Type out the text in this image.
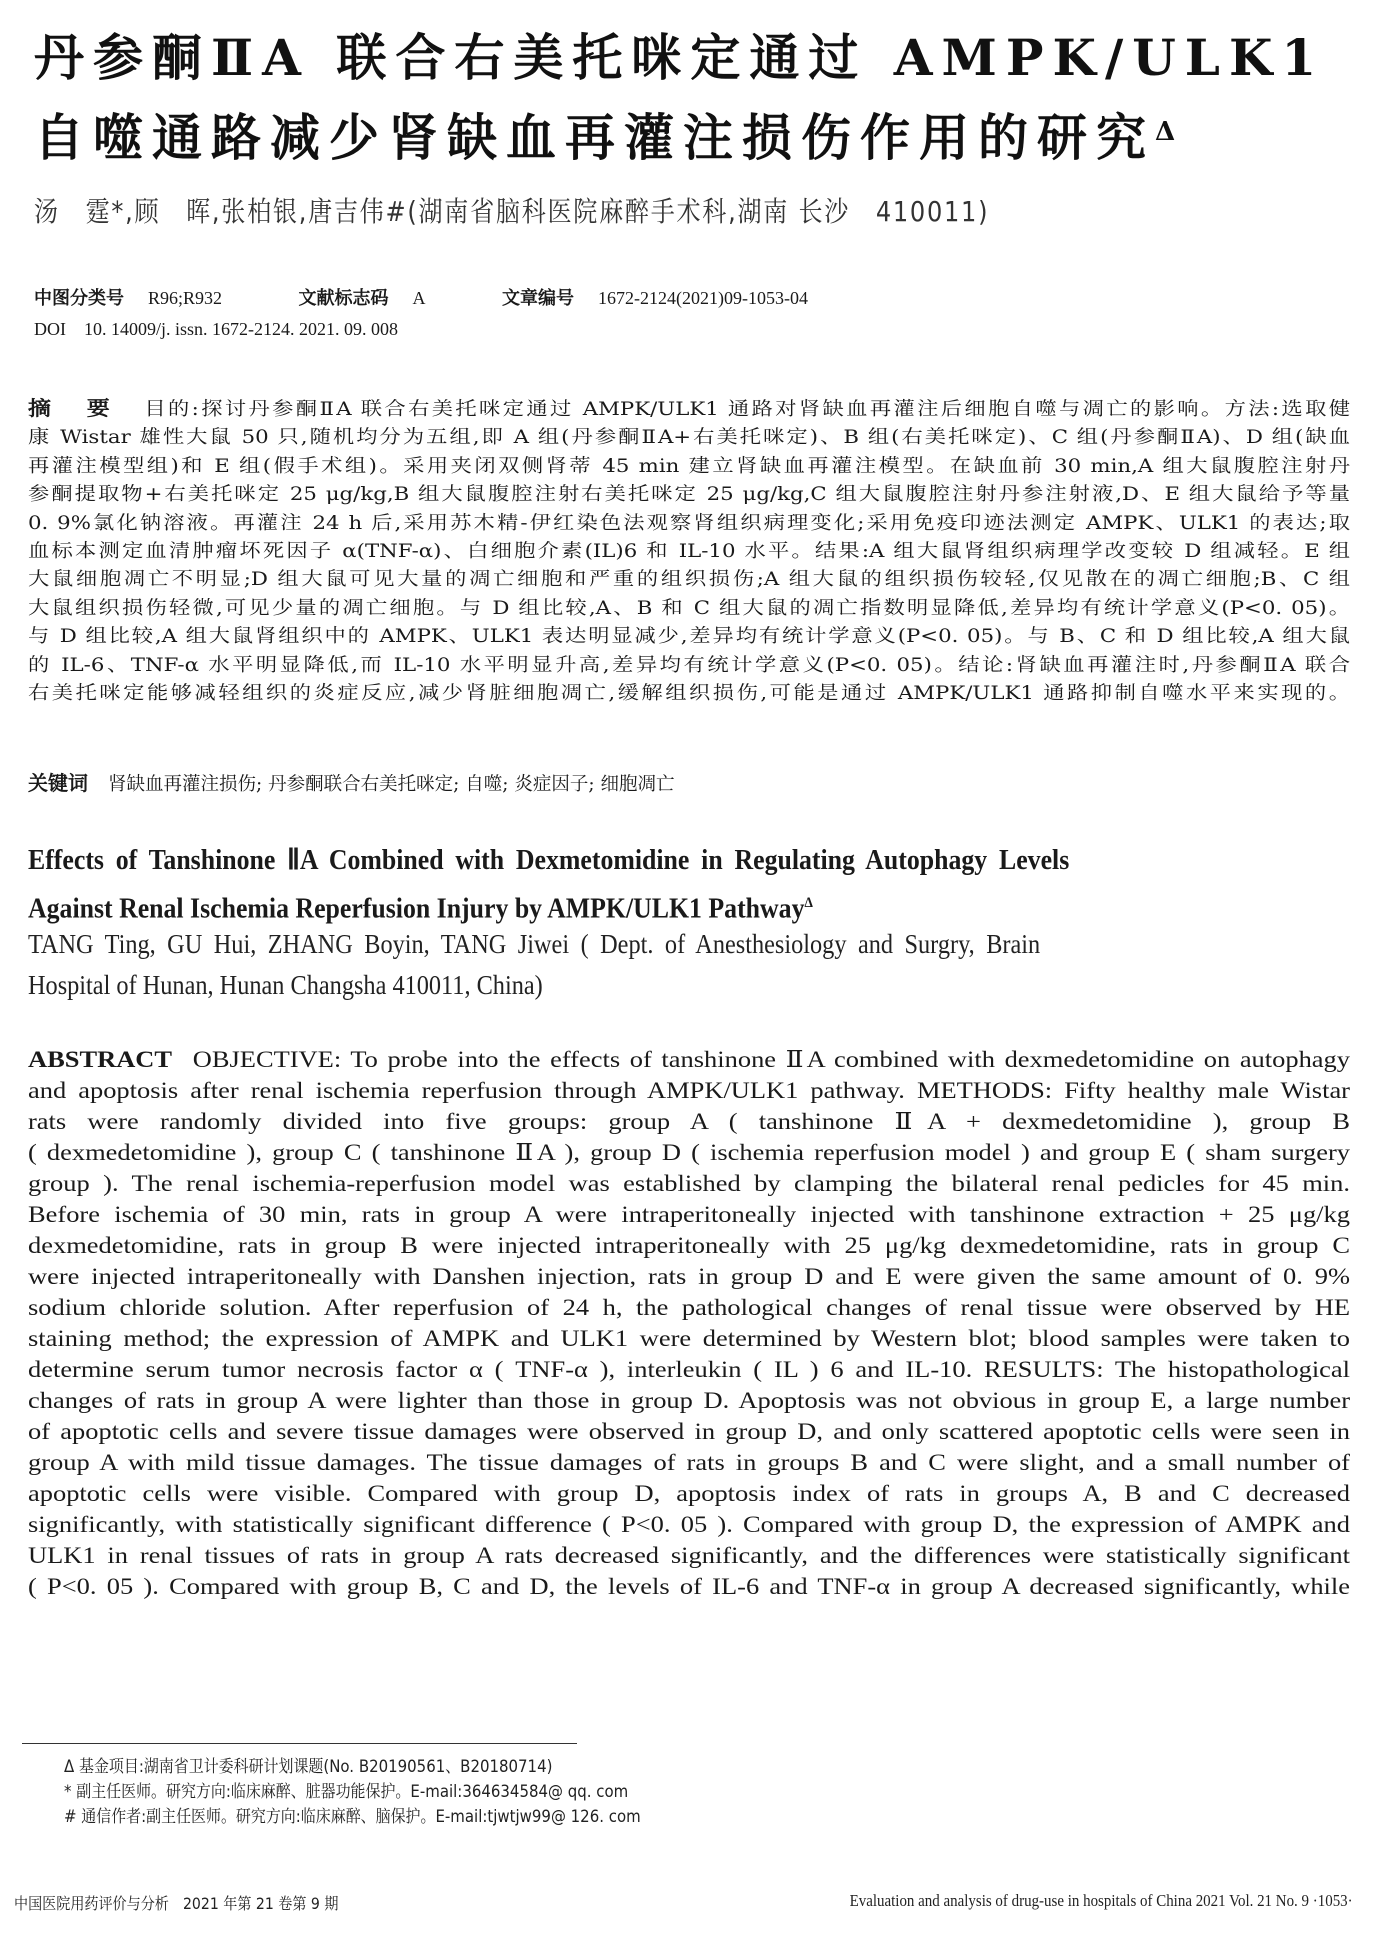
丹参酮ⅡA 联合右美托咪定通过 AMPK/ULK1
自噬通路减少肾缺血再灌注损伤作用的研究$^\Delta$
汤　霆*,顾　晖,张柏银,唐吉伟#(湖南省脑科医院麻醉手术科,湖南 长沙　410011)
中图分类号 R96;R932	文献标志码 A	文章编号 1672-2124(2021)09-1053-04
DOI 10. 14009/j. issn. 1672-2124. 2021. 09. 008
摘 要 目的:探讨丹参酮ⅡA 联合右美托咪定通过 AMPK/ULK1 通路对肾缺血再灌注后细胞自噬与凋亡的影响。方法:选取健
康 Wistar 雄性大鼠 50 只,随机均分为五组,即 A 组(丹参酮ⅡA+右美托咪定)、B 组(右美托咪定)、C 组(丹参酮ⅡA)、D 组(缺血
再灌注模型组)和 E 组(假手术组)。采用夹闭双侧肾蒂 45 min 建立肾缺血再灌注模型。在缺血前 30 min,A 组大鼠腹腔注射丹
参酮提取物+右美托咪定 25 μg/kg,B 组大鼠腹腔注射右美托咪定 25 μg/kg,C 组大鼠腹腔注射丹参注射液,D、E 组大鼠给予等量
0. 9%氯化钠溶液。再灌注 24 h 后,采用苏木精-伊红染色法观察肾组织病理变化;采用免疫印迹法测定 AMPK、ULK1 的表达;取
血标本测定血清肿瘤坏死因子 α(TNF-α)、白细胞介素(IL)6 和 IL-10 水平。结果:A 组大鼠肾组织病理学改变较 D 组减轻。E 组
大鼠细胞凋亡不明显;D 组大鼠可见大量的凋亡细胞和严重的组织损伤;A 组大鼠的组织损伤较轻,仅见散在的凋亡细胞;B、C 组
大鼠组织损伤轻微,可见少量的凋亡细胞。与 D 组比较,A、B 和 C 组大鼠的凋亡指数明显降低,差异均有统计学意义(P<0. 05)。
与 D 组比较,A 组大鼠肾组织中的 AMPK、ULK1 表达明显减少,差异均有统计学意义(P<0. 05)。与 B、C 和 D 组比较,A 组大鼠
的 IL-6、TNF-α 水平明显降低,而 IL-10 水平明显升高,差异均有统计学意义(P<0. 05)。结论:肾缺血再灌注时,丹参酮ⅡA 联合
右美托咪定能够减轻组织的炎症反应,减少肾脏细胞凋亡,缓解组织损伤,可能是通过 AMPK/ULK1 通路抑制自噬水平来实现的。
关键词 肾缺血再灌注损伤; 丹参酮联合右美托咪定; 自噬; 炎症因子; 细胞凋亡
Effects of Tanshinone ⅡA Combined with Dexmetomidine in Regulating Autophagy Levels
Against Renal Ischemia Reperfusion Injury by AMPK/ULK1 Pathway$^\Delta$
TANG Ting, GU Hui, ZHANG Boyin, TANG Jiwei ( Dept. of Anesthesiology and Surgry, Brain
Hospital of Hunan, Hunan Changsha 410011, China)
ABSTRACT OBJECTIVE: To probe into the effects of tanshinone ⅡA combined with dexmedetomidine on autophagy
and apoptosis after renal ischemia reperfusion through AMPK/ULK1 pathway. METHODS: Fifty healthy male Wistar
rats were randomly divided into five groups: group A ( tanshinone ⅡA + dexmedetomidine ), group B
( dexmedetomidine ), group C ( tanshinone ⅡA ), group D ( ischemia reperfusion model ) and group E ( sham surgery
group ). The renal ischemia-reperfusion model was established by clamping the bilateral renal pedicles for 45 min.
Before ischemia of 30 min, rats in group A were intraperitoneally injected with tanshinone extraction + 25 μg/kg
dexmedetomidine, rats in group B were injected intraperitoneally with 25 μg/kg dexmedetomidine, rats in group C
were injected intraperitoneally with Danshen injection, rats in group D and E were given the same amount of 0. 9%
sodium chloride solution. After reperfusion of 24 h, the pathological changes of renal tissue were observed by HE
staining method; the expression of AMPK and ULK1 were determined by Western blot; blood samples were taken to
determine serum tumor necrosis factor α ( TNF-α ), interleukin ( IL ) 6 and IL-10. RESULTS: The histopathological
changes of rats in group A were lighter than those in group D. Apoptosis was not obvious in group E, a large number
of apoptotic cells and severe tissue damages were observed in group D, and only scattered apoptotic cells were seen in
group A with mild tissue damages. The tissue damages of rats in groups B and C were slight, and a small number of
apoptotic cells were visible. Compared with group D, apoptosis index of rats in groups A, B and C decreased
significantly, with statistically significant difference ( P<0. 05 ). Compared with group D, the expression of AMPK and
ULK1 in renal tissues of rats in group A rats decreased significantly, and the differences were statistically significant
( P<0. 05 ). Compared with group B, C and D, the levels of IL-6 and TNF-α in group A decreased significantly, while
Δ 基金项目:湖南省卫计委科研计划课题(No. B20190561、B20180714)
* 副主任医师。研究方向:临床麻醉、脏器功能保护。E-mail:364634584@ qq. com
# 通信作者:副主任医师。研究方向:临床麻醉、脑保护。E-mail:tjwtjw99@ 126. com
中国医院用药评价与分析　2021 年第 21 卷第 9 期	Evaluation and analysis of drug-use in hospitals of China 2021 Vol. 21 No. 9 ·1053·
